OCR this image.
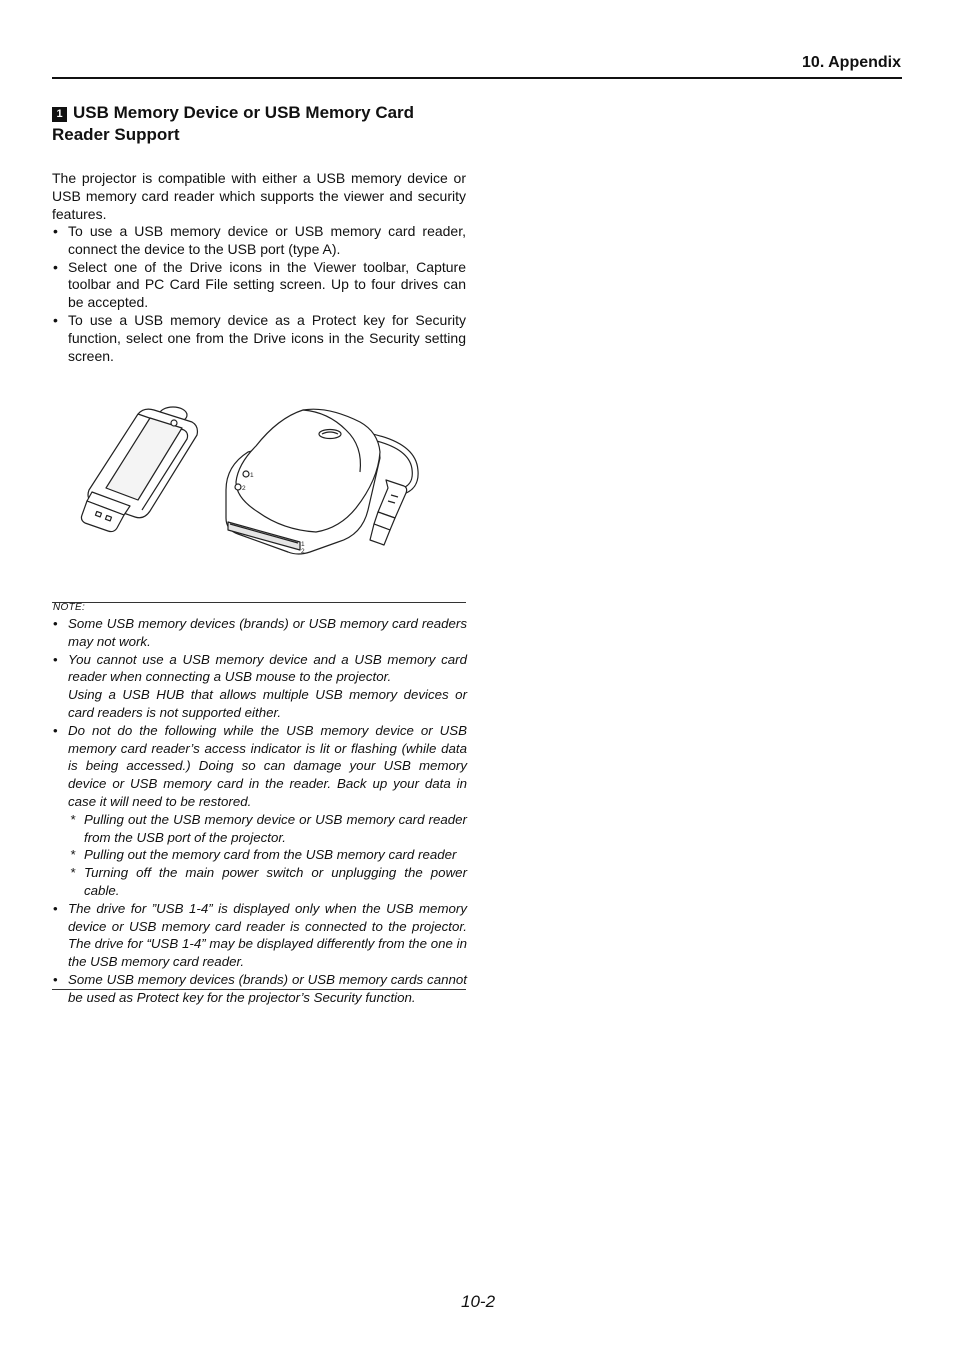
10. Appendix
1 USB Memory Device or USB Memory Card
Reader Support

The projector is compatible with either a USB memory device or USB memory card reader which supports the viewer and security features.

• To use a USB memory device or USB memory card reader, connect the device to the USB port (type A).
• Select one of the Drive icons in the Viewer toolbar, Capture toolbar and PC Card File setting screen. Up to four drives can be accepted.
• To use a USB memory device as a Protect key for Security function, select one from the Drive icons in the Security setting screen.
1
2
1
2
NOTE:
• Some USB memory devices (brands) or USB memory card readers may not work.

• You cannot use a USB memory device and a USB memory card reader when connecting a USB mouse to the projector.

Using a USB HUB that allows multiple USB memory devices or card readers is not supported either.

• Do not do the following while the USB memory device or USB memory card reader’s access indicator is lit or flashing (while data is being accessed.) Doing so can damage your USB memory device or USB memory card in the reader. Back up your data in case it will need to be restored.

* Pulling out the USB memory device or USB memory card reader from the USB port of the projector.
* Pulling out the memory card from the USB memory card reader
* Turning off the main power switch or unplugging the power cable.
• The drive for ”USB 1-4” is displayed only when the USB memory device or USB memory card reader is connected to the projector. The drive for “USB 1-4” may be displayed differently from the one in the USB memory card reader.
• Some USB memory devices (brands) or USB memory cards cannot be used as Protect key for the projector’s Security function.
10-2
